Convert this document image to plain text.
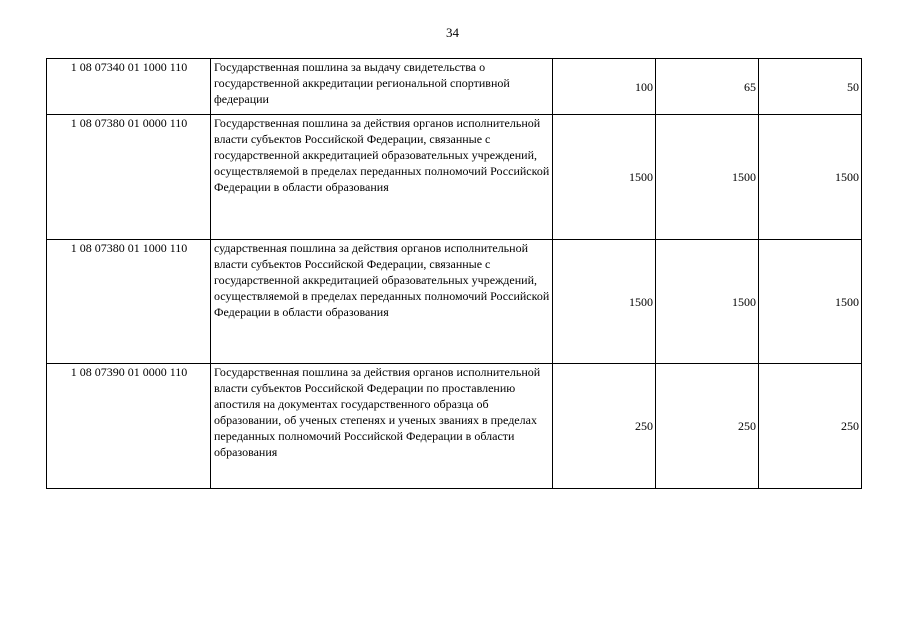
34
1 08 07340 01 1000 110	Государственная пошлина за выдачу свидетельства о государственной аккредитации региональной спортивной федерации	100	65	50
1 08 07380 01 0000 110	Государственная пошлина за действия органов исполнительной власти субъектов Российской Федерации, связанные с государственной аккредитацией образовательных учреждений, осуществляемой в пределах переданных полномочий Российской Федерации в области образования	1500	1500	1500
1 08 07380 01 1000 110	сударственная пошлина за действия органов исполнительной власти субъектов Российской Федерации, связанные с государственной аккредитацией образовательных учреждений, осуществляемой в пределах переданных полномочий Российской Федерации в области образования	1500	1500	1500
1 08 07390 01 0000 110	Государственная пошлина за действия органов исполнительной власти субъектов Российской Федерации по проставлению апостиля на документах государственного образца об образовании, об ученых степенях и ученых званиях в пределах переданных полномочий Российской Федерации в области образования	250	250	250
